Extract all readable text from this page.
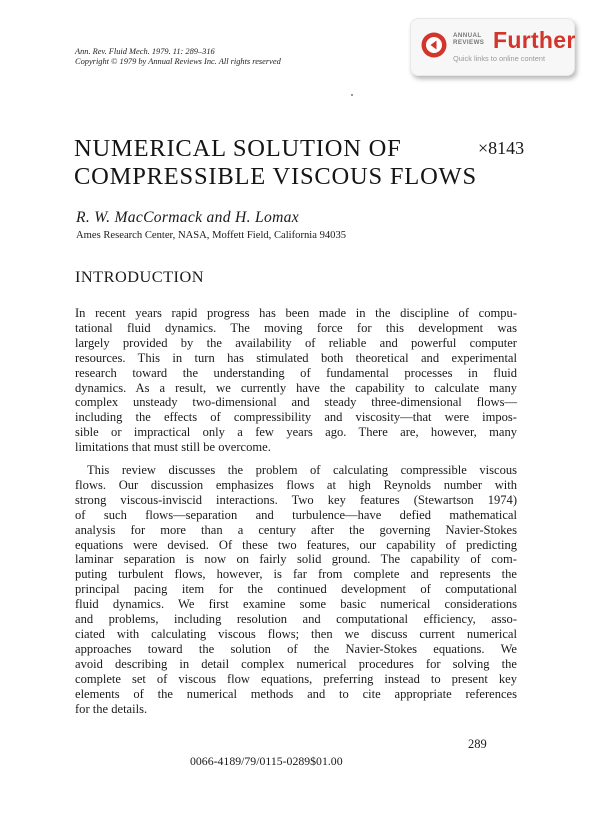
Ann. Rev. Fluid Mech. 1979. 11: 289–316
Copyright © 1979 by Annual Reviews Inc. All rights reserved
ANNUAL
REVIEWS Further
Quick links to online content
NUMERICAL SOLUTION OF
COMPRESSIBLE VISCOUS FLOWS
×8143
R. W. MacCormack and H. Lomax
Ames Research Center, NASA, Moffett Field, California 94035
INTRODUCTION

In recent years rapid progress has been made in the discipline of compu-
tational fluid dynamics. The moving force for this development was
largely provided by the availability of reliable and powerful computer
resources. This in turn has stimulated both theoretical and experimental
research toward the understanding of fundamental processes in fluid
dynamics. As a result, we currently have the capability to calculate many
complex unsteady two-dimensional and steady three-dimensional flows—
including the effects of compressibility and viscosity—that were impos-
sible or impractical only a few years ago. There are, however, many
limitations that must still be overcome.

This review discusses the problem of calculating compressible viscous
flows. Our discussion emphasizes flows at high Reynolds number with
strong viscous-inviscid interactions. Two key features (Stewartson 1974)
of such flows—separation and turbulence—have defied mathematical
analysis for more than a century after the governing Navier-Stokes
equations were devised. Of these two features, our capability of predicting
laminar separation is now on fairly solid ground. The capability of com-
puting turbulent flows, however, is far from complete and represents the
principal pacing item for the continued development of computational
fluid dynamics. We first examine some basic numerical considerations
and problems, including resolution and computational efficiency, asso-
ciated with calculating viscous flows; then we discuss current numerical
approaches toward the solution of the Navier-Stokes equations. We
avoid describing in detail complex numerical procedures for solving the
complete set of viscous flow equations, preferring instead to present key
elements of the numerical methods and to cite appropriate references
for the details.

289
0066-4189/79/0115-0289$01.00
